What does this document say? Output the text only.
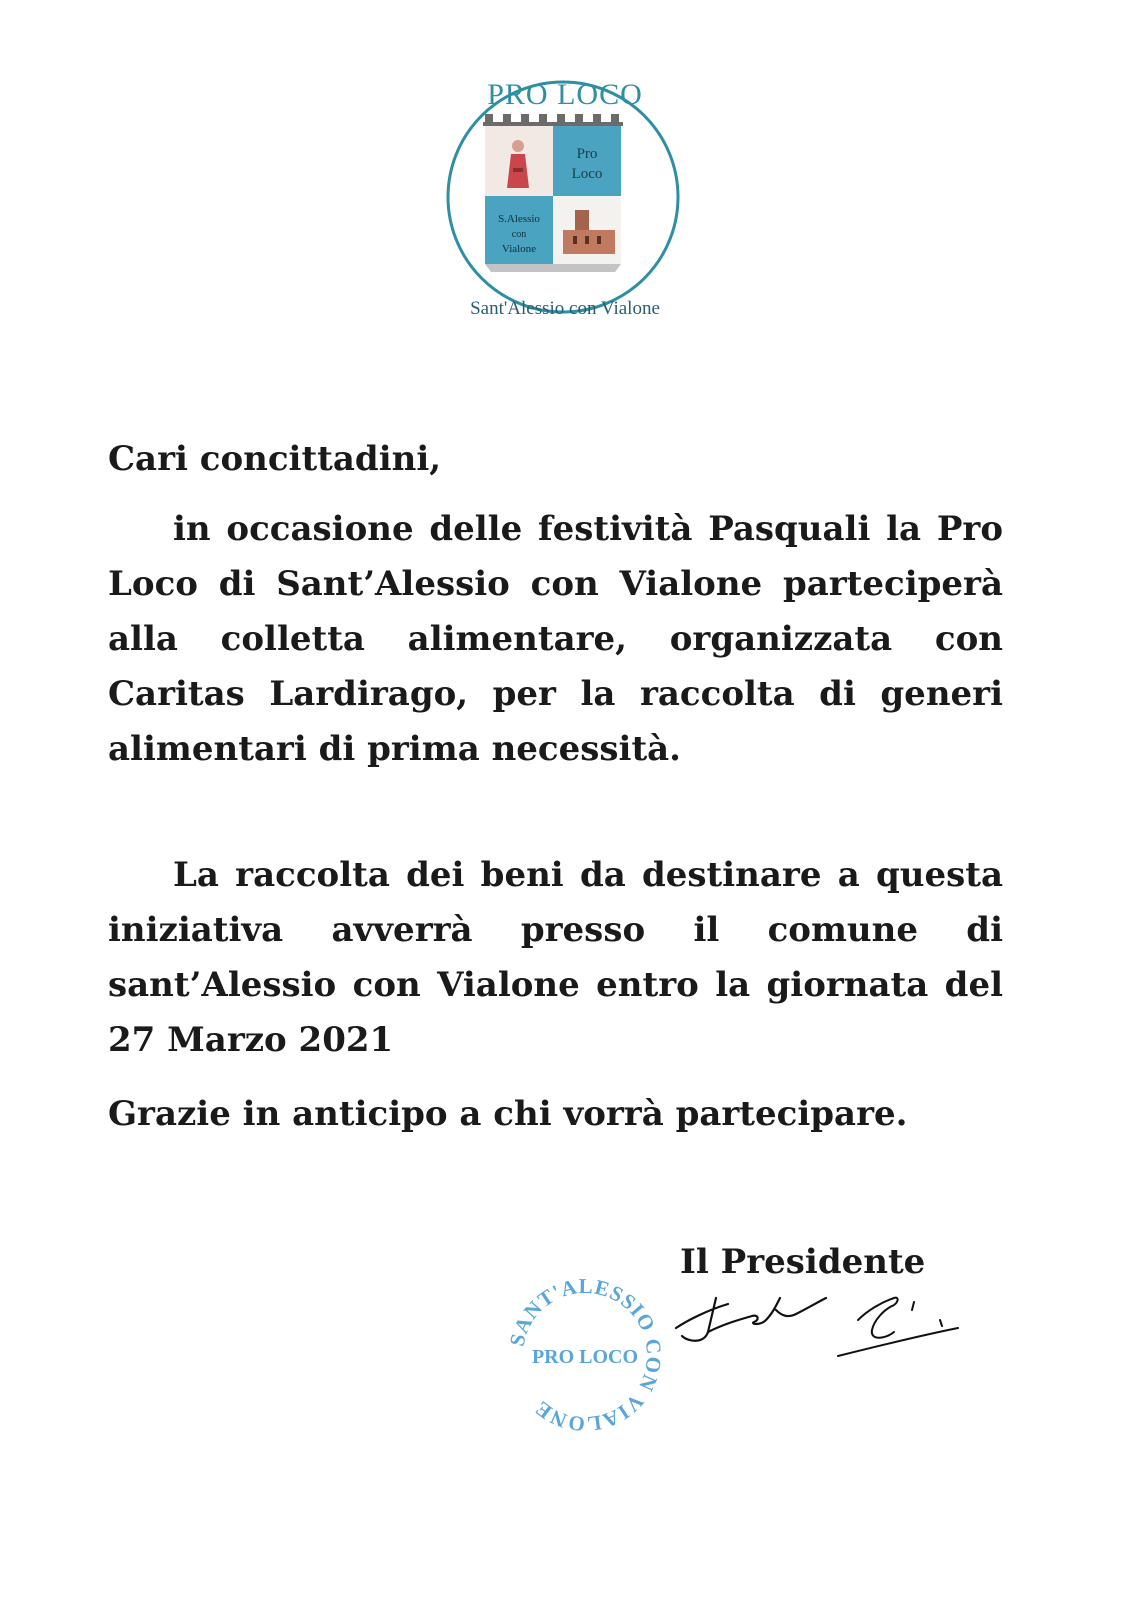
Pro
Loco
S.Alessio
con
Vialone
PRO LOCO
Sant'Alessio con Vialone
Cari concittadini,
in occasione delle festività Pasquali la Pro Loco di Sant’Alessio con Vialone parteciperà alla colletta alimentare, organizzata con Caritas Lardirago, per la raccolta di generi alimentari di prima necessità.
La raccolta dei beni da destinare a questa iniziativa avverrà presso il comune di sant’Alessio con Vialone entro la giornata del 27 Marzo 2021
Grazie in anticipo a chi vorrà partecipare.
Il Presidente
SANT'ALESSIO CON VIALONE
PRO LOCO
